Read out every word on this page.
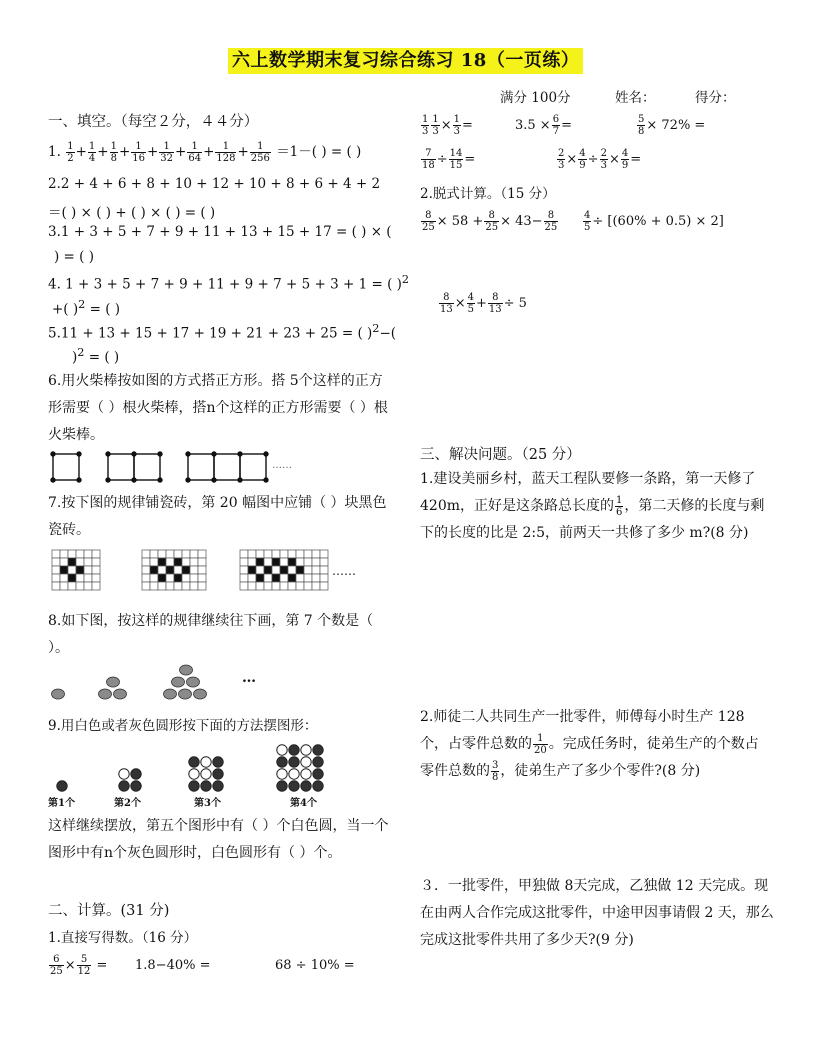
六上数学期末复习综合练习 18（一页练）
满分 100分	姓名：	得分：
一、填空。（每空２分，４４分）
1. $\frac{1}{2} + \frac{1}{4} + \frac{1}{8} + \frac{1}{16} + \frac{1}{32} + \frac{1}{64} + \frac{1}{128} + \frac{1}{256} =1-$( ) = ( )
2.2 + 4 + 6 + 8 + 10 + 12 + 10 + 8 + 6 + 4 + 2
＝( ) × ( ) + ( ) × ( ) = ( )
3.1 + 3 + 5 + 7 + 9 + 11 + 13 + 15 + 17 = ( ) × (
) = ( )
4. 1 + 3 + 5 + 7 + 9 + 11 + 9 + 7 + 5 + 3 + 1 = ( )$^2$
+( )$^2$ = ( )
5.11 + 13 + 15 + 17 + 19 + 21 + 23 + 25 = ( )$^2$−(
)$^2$ = ( )
6.用火柴棒按如图的方式搭正方形。搭 5个这样的正方形需要（ ）根火柴棒，搭n个这样的正方形需要（ ）根火柴棒。
……
7.按下图的规律铺瓷砖，第 20 幅图中应铺（ ）块黑色瓷砖。
……
8.如下图，按这样的规律继续往下画，第 7 个数是（ ）。
…
9.用白色或者灰色圆形按下面的方法摆图形：
第1个	第2个	第3个	第4个
这样继续摆放，第五个图形中有（ ）个白色圆，当一个图形中有n个灰色圆形时，白色圆形有（ ）个。
二、计算。(31 分)
1.直接写得数。（16 分）
$\frac{6}{25} \times \frac{5}{12} = 1.8-40\%$ =	68 ÷ 10% =
$\frac{1}{3} \frac{1}{3} \times \frac{1}{3}$ =	$3.5 \times \frac{6}{7}$ =	$\frac{5}{8} \times 72\%$ =
$\frac{7}{18} \div \frac{14}{15}$ =	$\frac{2}{3} \times \frac{4}{9} \div \frac{2}{3} \times \frac{4}{9}$ =
2.脱式计算。（15 分）
$\frac{8}{25} \times 58 + \frac{8}{25} \times 43- \frac{8}{25} \frac{4}{5} \div [(60\% + 0.5) \times 2]$
$\frac{8}{13} \times \frac{4}{5} + \frac{8}{13} \div 5$
三、解决问题。（25 分）
1.建设美丽乡村，蓝天工程队要修一条路，第一天修了 420m，正好是这条路总长度的 $\frac{1}{6}$ ，第二天修的长度与剩下的长度的比是 2:5，前两天一共修了多少 m?(8 分)
2.师徒二人共同生产一批零件，师傅每小时生产 128个，占零件总数的 $\frac{1}{20}$ 。完成任务时，徒弟生产的个数占零件总数的 $\frac{3}{8}$ ，徒弟生产了多少个零件?(8 分)
３．一批零件，甲独做 8天完成，乙独做 12 天完成。现在由两人合作完成这批零件，中途甲因事请假 2 天，那么完成这批零件共用了多少天?(9 分)
